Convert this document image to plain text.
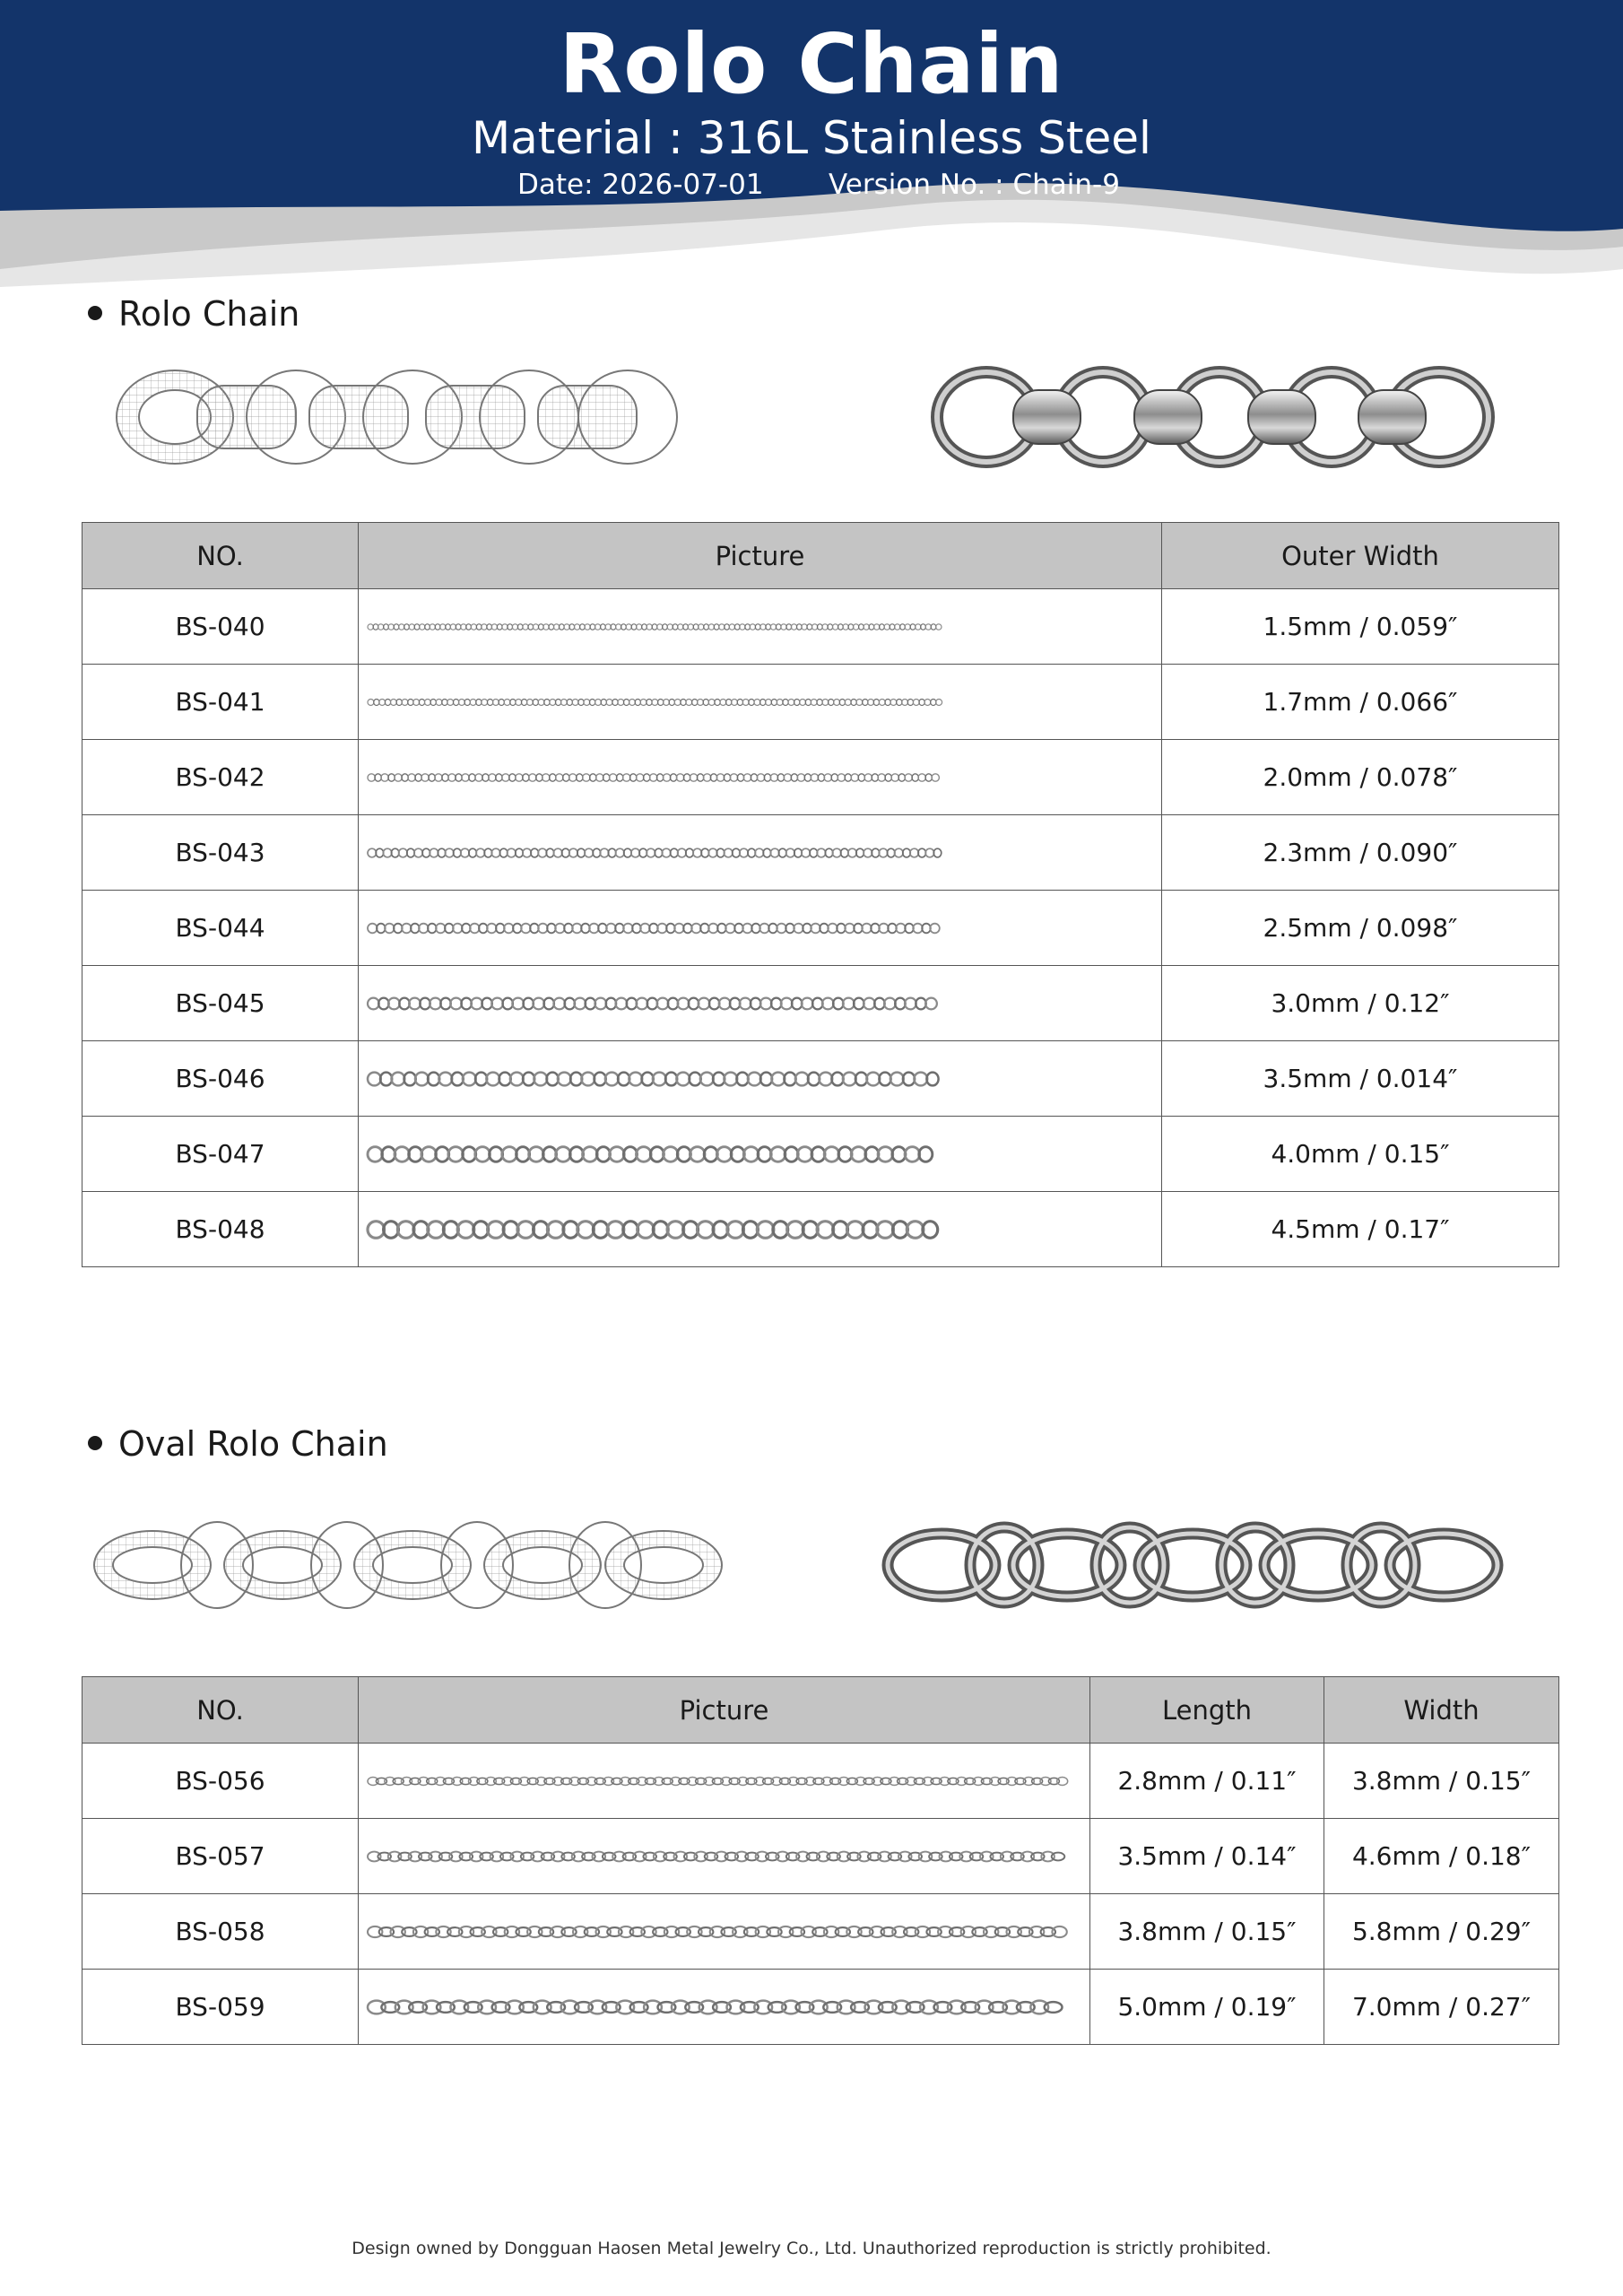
Rolo Chain
Material : 316L Stainless Steel
Date: 2026-07-01 Version No. : Chain-9
Rolo Chain
NO.	Picture	Outer Width
BS-040		1.5mm / 0.059″
BS-041		1.7mm / 0.066″
BS-042		2.0mm / 0.078″
BS-043		2.3mm / 0.090″
BS-044		2.5mm / 0.098″
BS-045		3.0mm / 0.12″
BS-046		3.5mm / 0.014″
BS-047		4.0mm / 0.15″
BS-048		4.5mm / 0.17″
Oval Rolo Chain
NO.	Picture	Length	Width
BS-056		2.8mm / 0.11″	3.8mm / 0.15″
BS-057		3.5mm / 0.14″	4.6mm / 0.18″
BS-058		3.8mm / 0.15″	5.8mm / 0.29″
BS-059		5.0mm / 0.19″	7.0mm / 0.27″
Design owned by Dongguan Haosen Metal Jewelry Co., Ltd. Unauthorized reproduction is strictly prohibited.
